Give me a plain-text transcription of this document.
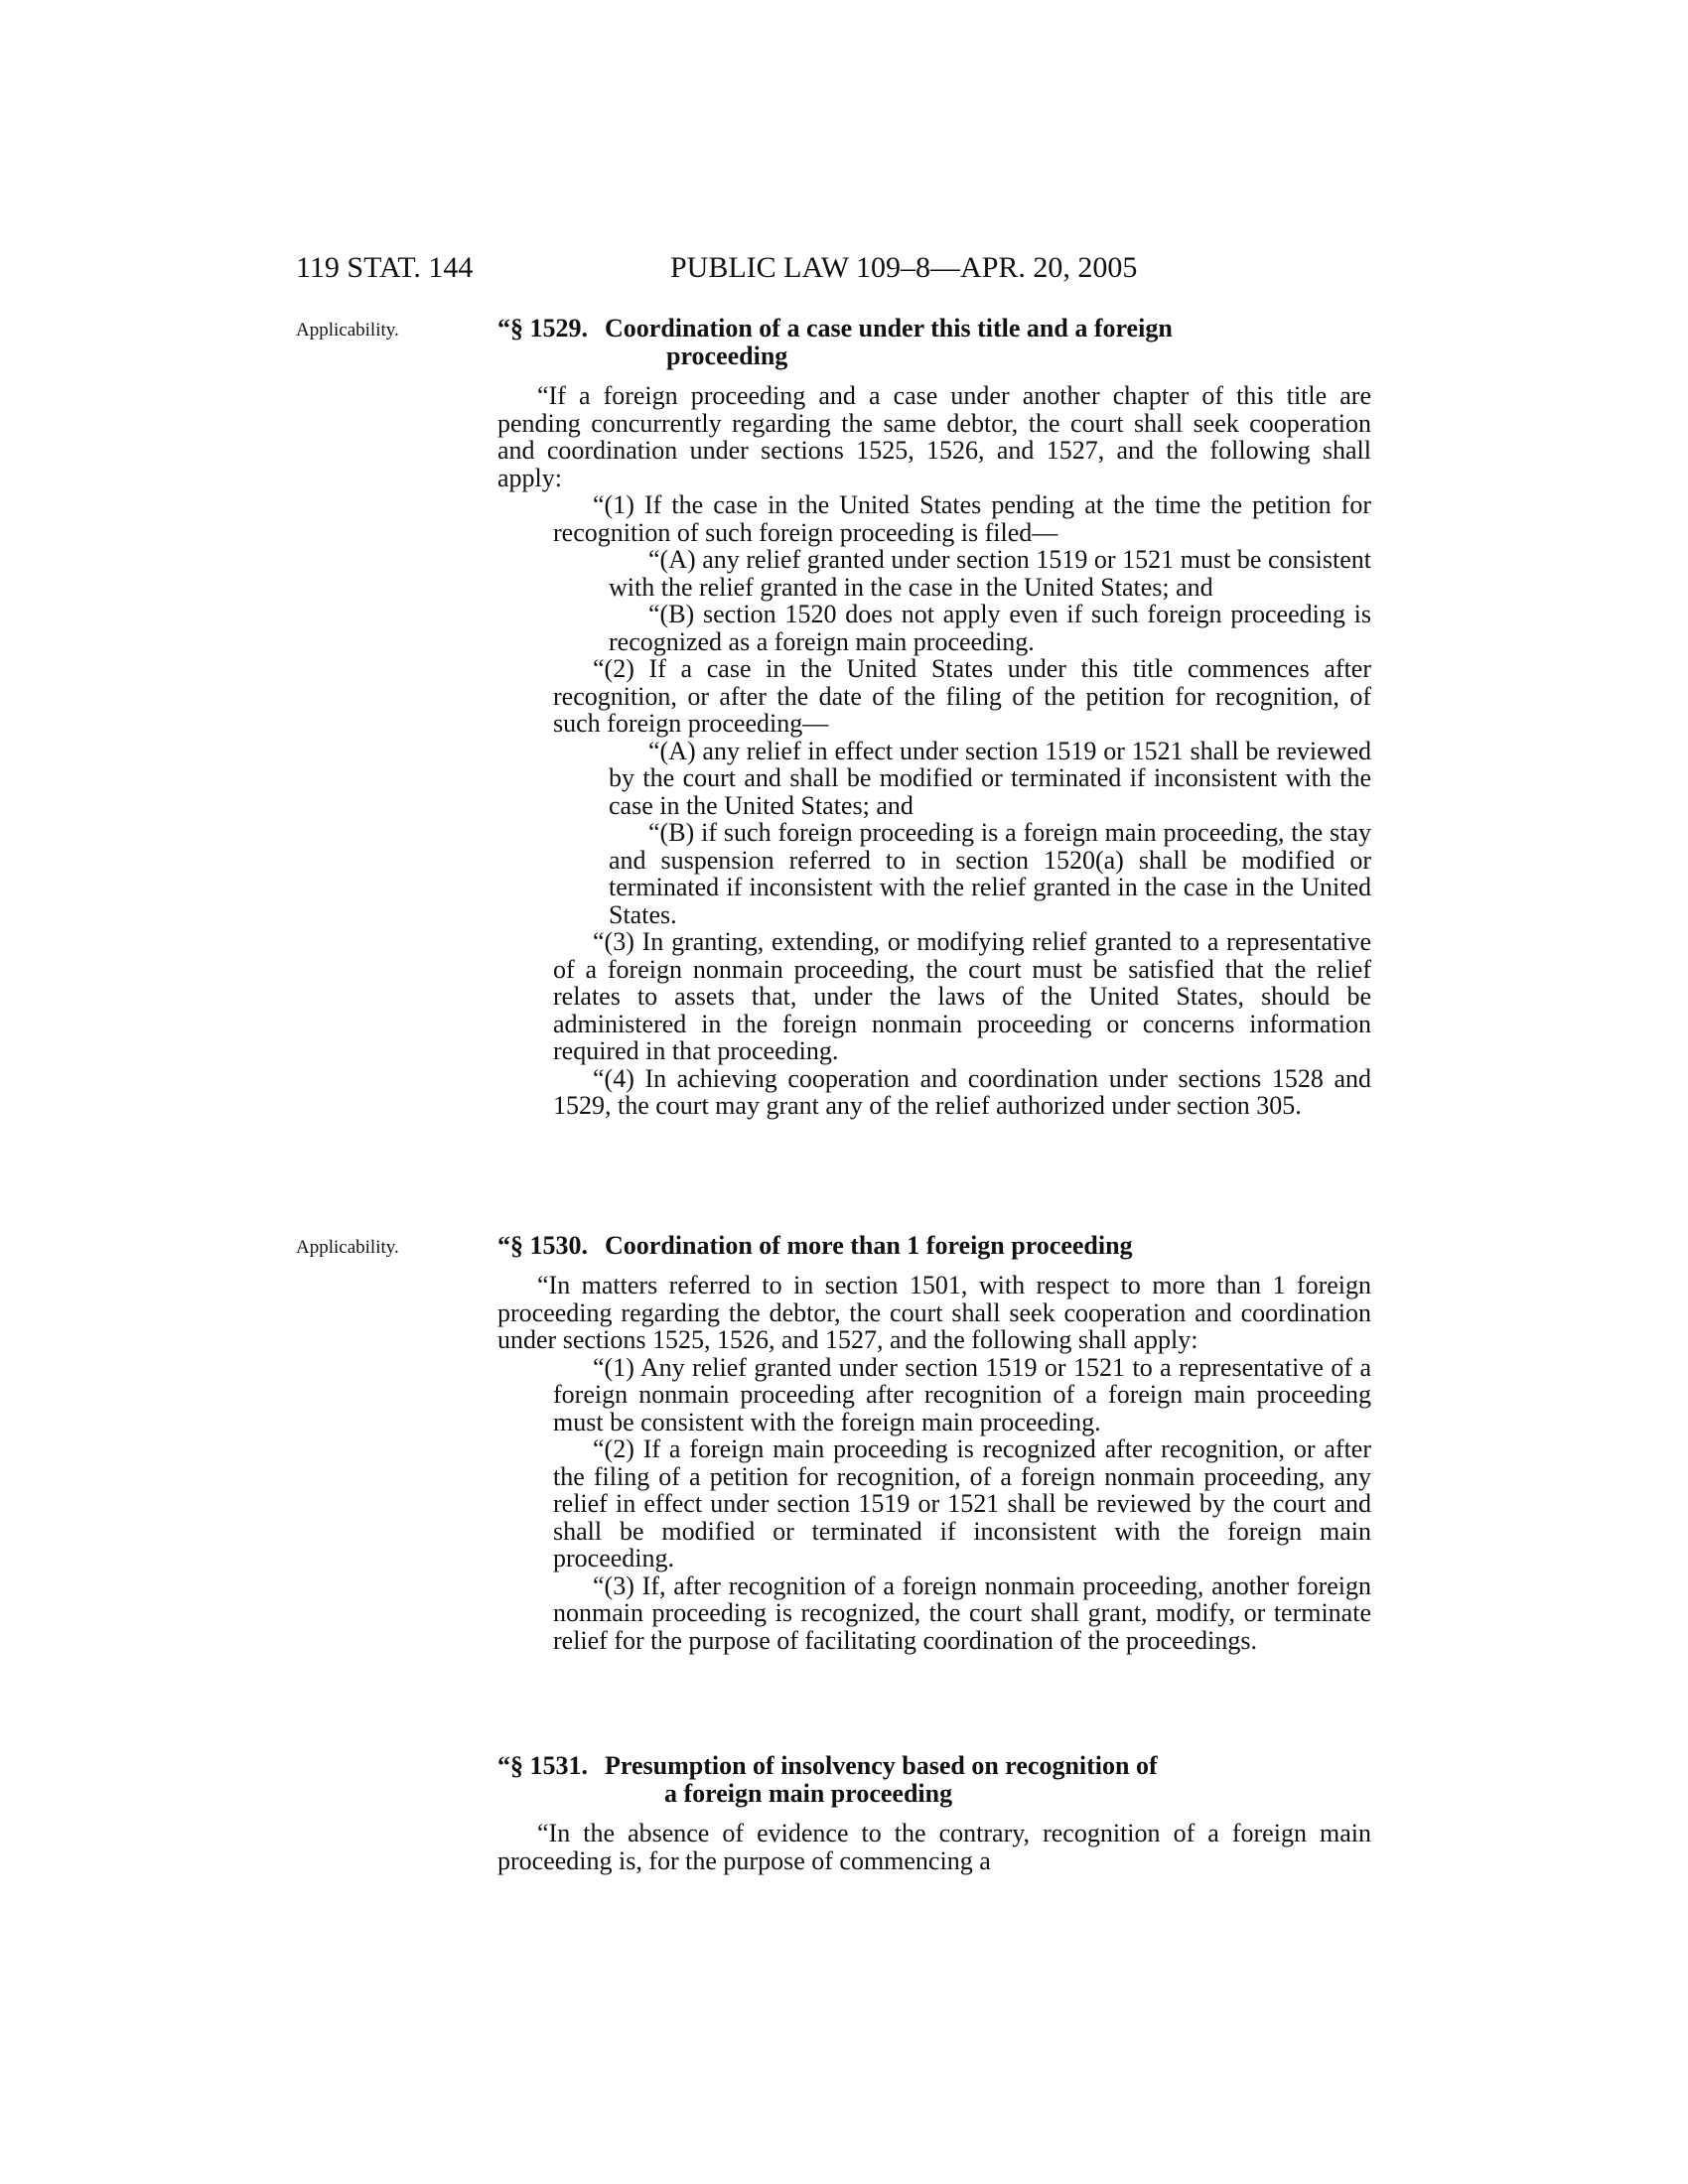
119 STAT. 144	PUBLIC LAW 109–8—APR. 20, 2005
Applicability.
Applicability.
“§ 1529. Coordination of a case under this title and a foreign
proceeding

“If a foreign proceeding and a case under another chapter of this title are pending concurrently regarding the same debtor, the court shall seek cooperation and coordination under sections 1525, 1526, and 1527, and the following shall apply:

“(1) If the case in the United States pending at the time the petition for recognition of such foreign proceeding is filed—

“(A) any relief granted under section 1519 or 1521 must be consistent with the relief granted in the case in the United States; and

“(B) section 1520 does not apply even if such foreign proceeding is recognized as a foreign main proceeding.

“(2) If a case in the United States under this title commences after recognition, or after the date of the filing of the petition for recognition, of such foreign proceeding—

“(A) any relief in effect under section 1519 or 1521 shall be reviewed by the court and shall be modified or terminated if inconsistent with the case in the United States; and

“(B) if such foreign proceeding is a foreign main proceeding, the stay and suspension referred to in section 1520(a) shall be modified or terminated if inconsistent with the relief granted in the case in the United States.

“(3) In granting, extending, or modifying relief granted to a representative of a foreign nonmain proceeding, the court must be satisfied that the relief relates to assets that, under the laws of the United States, should be administered in the foreign nonmain proceeding or concerns information required in that proceeding.

“(4) In achieving cooperation and coordination under sections 1528 and 1529, the court may grant any of the relief authorized under section 305.

“§ 1530. Coordination of more than 1 foreign proceeding

“In matters referred to in section 1501, with respect to more than 1 foreign proceeding regarding the debtor, the court shall seek cooperation and coordination under sections 1525, 1526, and 1527, and the following shall apply:

“(1) Any relief granted under section 1519 or 1521 to a representative of a foreign nonmain proceeding after recognition of a foreign main proceeding must be consistent with the foreign main proceeding.

“(2) If a foreign main proceeding is recognized after recognition, or after the filing of a petition for recognition, of a foreign nonmain proceeding, any relief in effect under section 1519 or 1521 shall be reviewed by the court and shall be modified or terminated if inconsistent with the foreign main proceeding.

“(3) If, after recognition of a foreign nonmain proceeding, another foreign nonmain proceeding is recognized, the court shall grant, modify, or terminate relief for the purpose of facilitating coordination of the proceedings.

“§ 1531. Presumption of insolvency based on recognition of
a foreign main proceeding

“In the absence of evidence to the contrary, recognition of a foreign main proceeding is, for the purpose of commencing a
